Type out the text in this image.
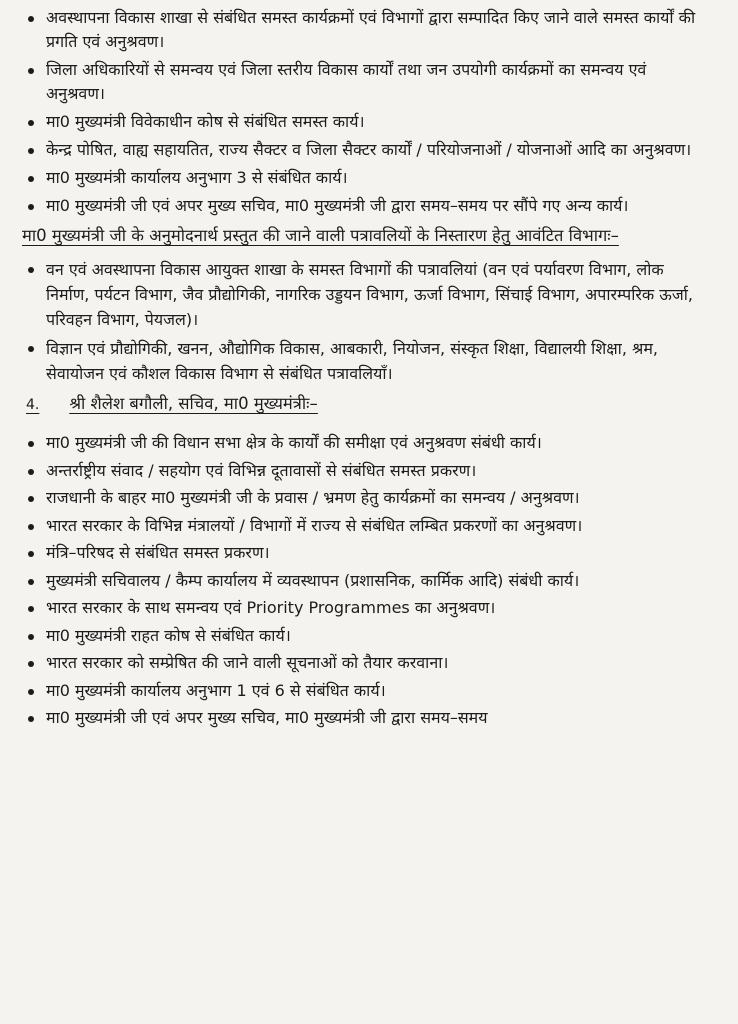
अवस्थापना विकास शाखा से संबंधित समस्त कार्यक्रमों एवं विभागों द्वारा सम्पादित किए जाने वाले समस्त कार्यों की प्रगति एवं अनुश्रवण।
जिला अधिकारियों से समन्वय एवं जिला स्तरीय विकास कार्यों तथा जन उपयोगी कार्यक्रमों का समन्वय एवं अनुश्रवण।
मा0 मुख्यमंत्री विवेकाधीन कोष से संबंधित समस्त कार्य।
केन्द्र पोषित, वाह्य सहायतित, राज्य सैक्टर व जिला सैक्टर कार्यों / परियोजनाओं / योजनाओं आदि का अनुश्रवण।
मा0 मुख्यमंत्री कार्यालय अनुभाग 3 से संबंधित कार्य।
मा0 मुख्यमंत्री जी एवं अपर मुख्य सचिव, मा0 मुख्यमंत्री जी द्वारा समय–समय पर सौंपे गए अन्य कार्य।
मा0 मुख्यमंत्री जी के अनुमोदनार्थ प्रस्तुत की जाने वाली पत्रावलियों के निस्तारण हेतु आवंटित विभागः–
वन एवं अवस्थापना विकास आयुक्त शाखा के समस्त विभागों की पत्रावलियां (वन एवं पर्यावरण विभाग, लोक निर्माण, पर्यटन विभाग, जैव प्रौद्योगिकी, नागरिक उड्डयन विभाग, ऊर्जा विभाग, सिंचाई विभाग, अपारम्परिक ऊर्जा, परिवहन विभाग, पेयजल)।
विज्ञान एवं प्रौद्योगिकी, खनन, औद्योगिक विकास, आबकारी, नियोजन, संस्कृत शिक्षा, विद्यालयी शिक्षा, श्रम, सेवायोजन एवं कौशल विकास विभाग से संबंधित पत्रावलियाँ।
4. श्री शैलेश बगौली, सचिव, मा0 मुख्यमंत्रीः–
मा0 मुख्यमंत्री जी की विधान सभा क्षेत्र के कार्यों की समीक्षा एवं अनुश्रवण संबंधी कार्य।
अन्तर्राष्ट्रीय संवाद / सहयोग एवं विभिन्न दूतावासों से संबंधित समस्त प्रकरण।
राजधानी के बाहर मा0 मुख्यमंत्री जी के प्रवास / भ्रमण हेतु कार्यक्रमों का समन्वय / अनुश्रवण।
भारत सरकार के विभिन्न मंत्रालयों / विभागों में राज्य से संबंधित लम्बित प्रकरणों का अनुश्रवण।
मंत्रि–परिषद से संबंधित समस्त प्रकरण।
मुख्यमंत्री सचिवालय / कैम्प कार्यालय में व्यवस्थापन (प्रशासनिक, कार्मिक आदि) संबंधी कार्य।
भारत सरकार के साथ समन्वय एवं Priority Programmes का अनुश्रवण।
मा0 मुख्यमंत्री राहत कोष से संबंधित कार्य।
भारत सरकार को सम्प्रेषित की जाने वाली सूचनाओं को तैयार करवाना।
मा0 मुख्यमंत्री कार्यालय अनुभाग 1 एवं 6 से संबंधित कार्य।
मा0 मुख्यमंत्री जी एवं अपर मुख्य सचिव, मा0 मुख्यमंत्री जी द्वारा समय–समय
